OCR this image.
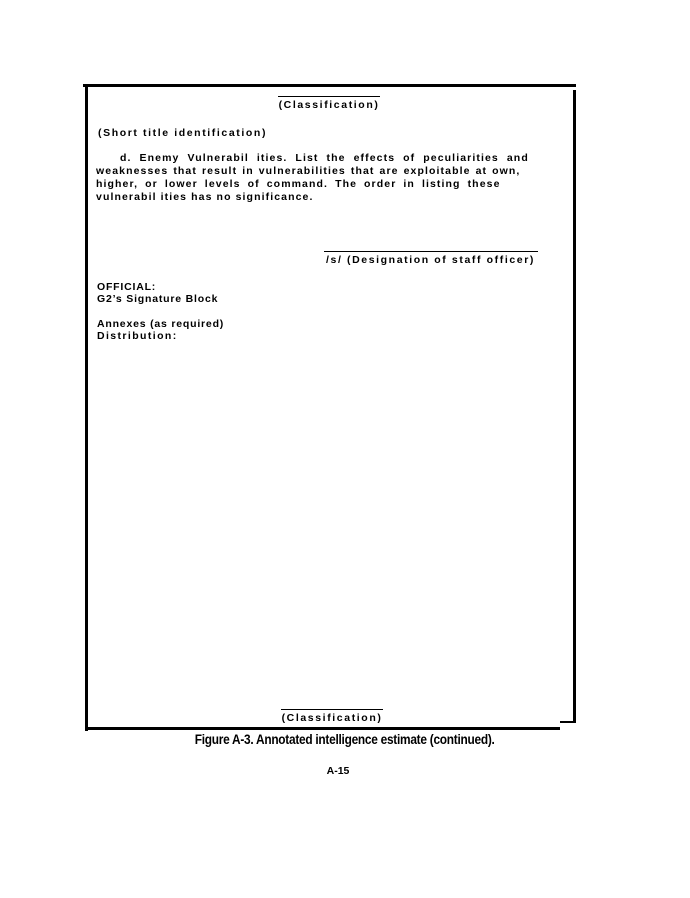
(Classification)
(Short title identification)
d. Enemy Vulnerabil ities. List the effects of peculiarities and
weaknesses that result in vulnerabilities that are exploitable at own,
higher, or lower levels of command. The order in listing these
vulnerabil ities has no significance.
/s/ (Designation of staff officer)
OFFICIAL:
G2’s Signature Block
Annexes (as required)
Distribution:
(Classification)
Figure A-3. Annotated intelligence estimate (continued).
A-15
